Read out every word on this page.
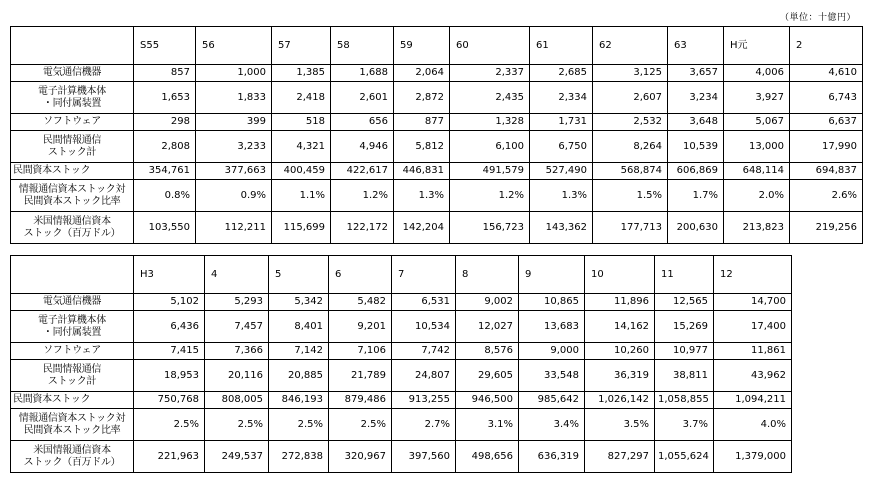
（単位：十億円）
	S55	56	57	58	59	60	61	62	63	H元	2
電気通信機器	857	1,000	1,385	1,688	2,064	2,337	2,685	3,125	3,657	4,006	4,610
電子計算機本体
・同付属装置	1,653	1,833	2,418	2,601	2,872	2,435	2,334	2,607	3,234	3,927	6,743
ソフトウェア	298	399	518	656	877	1,328	1,731	2,532	3,648	5,067	6,637
民間情報通信
ストック計	2,808	3,233	4,321	4,946	5,812	6,100	6,750	8,264	10,539	13,000	17,990
民間資本ストック	354,761	377,663	400,459	422,617	446,831	491,579	527,490	568,874	606,869	648,114	694,837
情報通信資本ストック対
民間資本ストック比率	0.8%	0.9%	1.1%	1.2%	1.3%	1.2%	1.3%	1.5%	1.7%	2.0%	2.6%
米国情報通信資本
ストック（百万ドル）	103,550	112,211	115,699	122,172	142,204	156,723	143,362	177,713	200,630	213,823	219,256
	H3	4	5	6	7	8	9	10	11	12
電気通信機器	5,102	5,293	5,342	5,482	6,531	9,002	10,865	11,896	12,565	14,700
電子計算機本体
・同付属装置	6,436	7,457	8,401	9,201	10,534	12,027	13,683	14,162	15,269	17,400
ソフトウェア	7,415	7,366	7,142	7,106	7,742	8,576	9,000	10,260	10,977	11,861
民間情報通信
ストック計	18,953	20,116	20,885	21,789	24,807	29,605	33,548	36,319	38,811	43,962
民間資本ストック	750,768	808,005	846,193	879,486	913,255	946,500	985,642	1,026,142	1,058,855	1,094,211
情報通信資本ストック対
民間資本ストック比率	2.5%	2.5%	2.5%	2.5%	2.7%	3.1%	3.4%	3.5%	3.7%	4.0%
米国情報通信資本
ストック（百万ドル）	221,963	249,537	272,838	320,967	397,560	498,656	636,319	827,297	1,055,624	1,379,000
